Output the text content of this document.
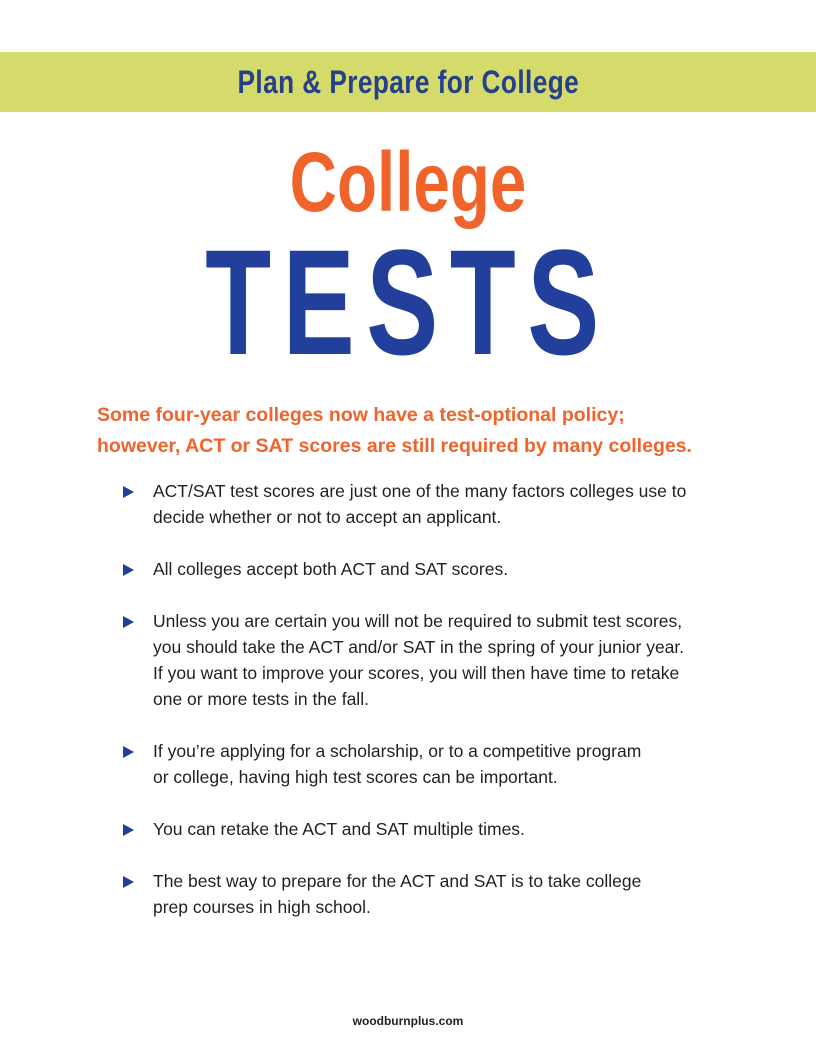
Plan & Prepare for College
College
TESTS
Some four-year colleges now have a test-optional policy;
however, ACT or SAT scores are still required by many colleges.
ACT/SAT test scores are just one of the many factors colleges use to
decide whether or not to accept an applicant.
All colleges accept both ACT and SAT scores.
Unless you are certain you will not be required to submit test scores,
you should take the ACT and/or SAT in the spring of your junior year.
If you want to improve your scores, you will then have time to retake
one or more tests in the fall.
If you’re applying for a scholarship, or to a competitive program
or college, having high test scores can be important.
You can retake the ACT and SAT multiple times.
The best way to prepare for the ACT and SAT is to take college
prep courses in high school.
woodburnplus.com
